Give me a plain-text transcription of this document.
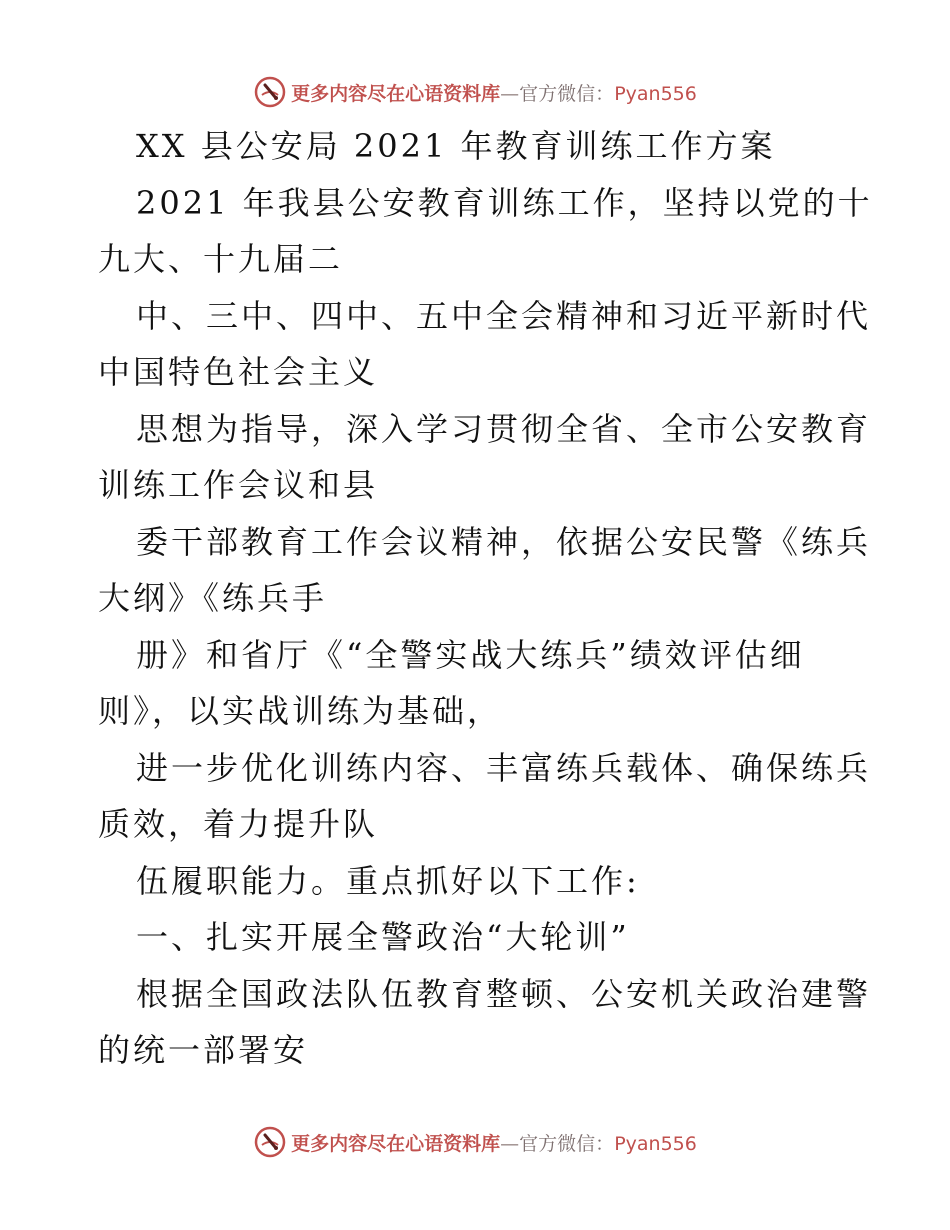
更多内容尽在心语资料库—官方微信：Pyan556
XX 县公安局 2021 年教育训练工作方案
2021 年我县公安教育训练工作，坚持以党的十
九大、十九届二
中、三中、四中、五中全会精神和习近平新时代
中国特色社会主义
思想为指导，深入学习贯彻全省、全市公安教育
训练工作会议和县
委干部教育工作会议精神，依据公安民警《练兵
大纲》《练兵手
册》和省厅《“全警实战大练兵”绩效评估细
则》，以实战训练为基础，
进一步优化训练内容、丰富练兵载体、确保练兵
质效，着力提升队
伍履职能力。重点抓好以下工作:
一、扎实开展全警政治“大轮训”
根据全国政法队伍教育整顿、公安机关政治建警
的统一部署安
更多内容尽在心语资料库—官方微信：Pyan556
